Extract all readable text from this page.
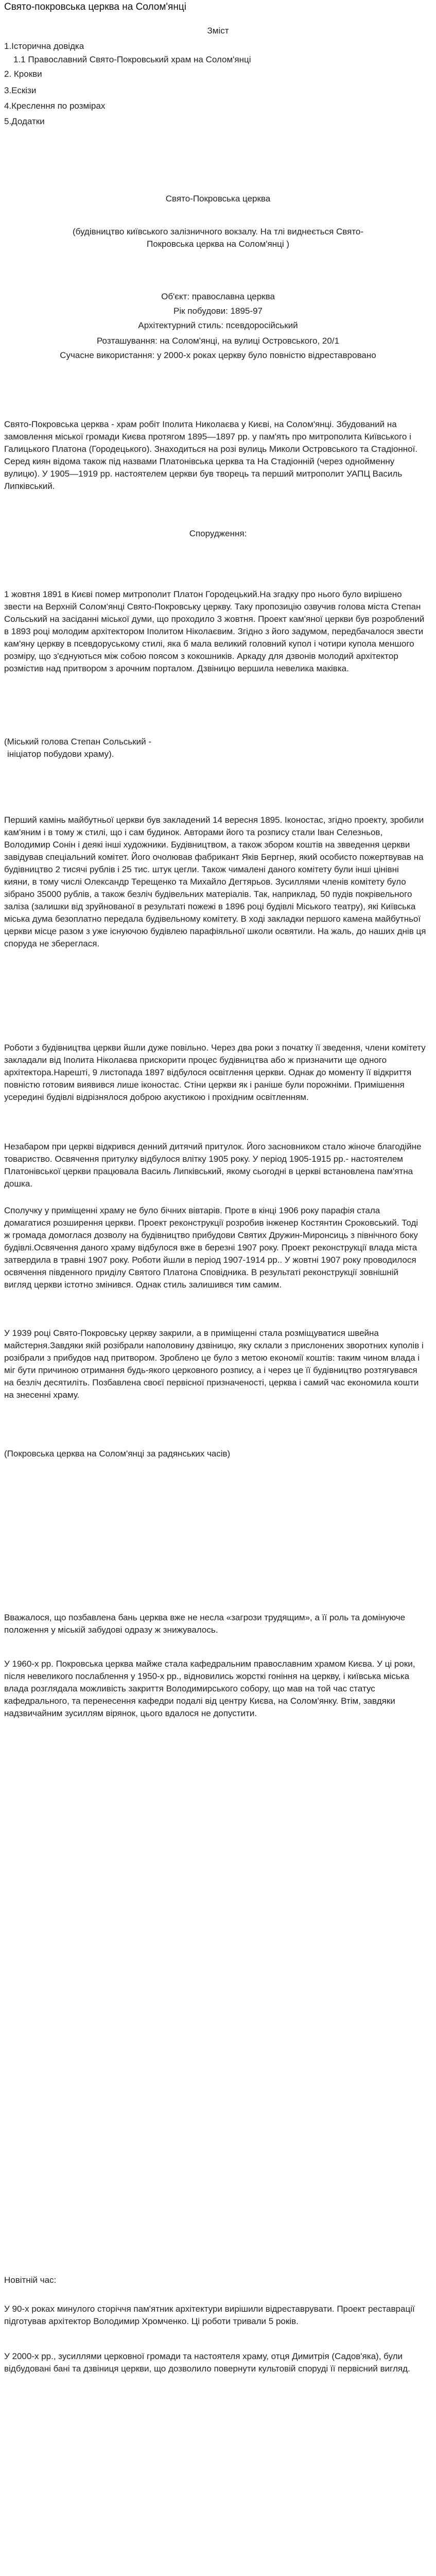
Свято-покровська церква на Солом'янці
Зміст
1.Історична довідка
1.1 Православний Свято-Покровський храм на Солом'янці
2. Крокви
3.Ескізи
4.Креслення по розмірах
5.Додатки
Свято-Покровська церква
(будівництво київського залізничного вокзалу. На тлі виднеється Свято-
Покровська церква на Солом'янці )
Об'єкт: православна церква
Рік побудови: 1895-97
Архітектурний стиль: псевдоросійський
Розташування: на Солом'янці, на вулиці Островського, 20/1
Сучасне використання: у 2000-х роках церкву було повністю відреставровано
Свято-Покровська церква - храм робіт Іполита Николаєва у Києві, на Солом'янці. Збудований на замовлення міської громади Києва протягом 1895—1897 рр. у пам'ять про митрополита Київського і Галицького Платона (Городецького). Знаходиться на розі вулиць Миколи Островського та Стадіонної. Серед киян відома також під назвами Платонівська церква та На Стадіонній (через однойменну вулицю). У 1905—1919 рр. настоятелем церкви був творець та перший митрополит УАПЦ Василь Липківський.
Спорудження:
1 жовтня 1891 в Києві помер митрополит Платон Городецький.На згадку про нього було вирішено звести на Верхній Солом'янці Свято-Покровську церкву. Таку пропозицію озвучив голова міста Степан Сольський на засіданні міської думи, що проходило 3 жовтня. Проект кам'яної церкви був розроблений в 1893 році молодим архітектором Іполитом Ніколаєвим. Згідно з його задумом, передбачалося звести кам'яну церкву в псевдоруському стилі, яка б мала великий головний купол і чотири купола меншого розміру, що з'єднуються між собою поясом з кокошників. Аркаду для дзвонів молодий архітектор розмістив над притвором з арочним порталом. Дзвіницю вершила невелика маківка.
(Міський голова Степан Сольський -
ініціатор побудови храму).
Перший камінь майбутньої церкви був закладений 14 вересня 1895. Іконостас, згідно проекту, зробили кам'яним і в тому ж стилі, що і сам будинок. Авторами його та розпису стали Іван Селезньов, Володимир Сонін і деякі інші художники. Будівництвом, а також збором коштів на звведення церкви завідував спеціальний комітет. Його очолював фабрикант Яків Бергнер, який особисто пожертвував на будівництво 2 тисячі рублів і 25 тис. штук цегли. Також чималені даного комітету були інші цінівні кияни, в тому числі Олександр Терещенко та Михайло Дегтярьов. Зусиллями членів комітету було зібрано 35000 рублів, а також безліч будівельних матеріалів. Так, наприклад, 50 пудів покрівельного заліза (залишки від зруйнованої в результаті пожежі в 1896 році будівлі Міського театру), які Київська міська дума безоплатно передала будівельному комітету. В ході закладки першого камена майбутньої церкви місце разом з уже існуючою будівлею парафіяльної школи освятили. На жаль, до наших днів ця споруда не збереглася.
Роботи з будівництва церкви йшли дуже повільно. Через два роки з початку її зведення, члени комітету закладали від Іполита Ніколаєва прискорити процес будівництва або ж призначити ще одного архітектора.Нарешті, 9 листопада 1897 відбулося освітлення церкви. Однак до моменту її відкриття повністю готовим виявився лише іконостас. Стіни церкви як і раніше були порожніми. Примішення усередині будівлі відрізнялося доброю акустикою і прохідним освітленням.
Незабаром при церкві відкрився денний дитячий притулок. Його засновником стало жіноче благодійне товариство. Освячення притулку відбулося влітку 1905 року. У період 1905-1915 рр.- настоятелем Платонівської церкви працювала Василь Липківський, якому сьогодні в церкві встановлена пам'ятна дошка.
Сполучку у приміщенні храму не було бічних вівтарів. Проте в кінці 1906 року парафія стала домагатися розширення церкви. Проект реконструкції розробив інженер Костянтин Сроковський. Тоді ж громада домоглася дозволу на будівництво прибудови Святих Дружин-Миронсиць з північного боку будівлі.Освячення даного храму відбулося вже в березні 1907 року. Проект реконструкції влада міста затвердила в травні 1907 року. Роботи йшли в період 1907-1914 рр.. У жовтні 1907 року проводилося освячення південного приділу Святого Платона Сповідника. В результаті реконструкції зовнішній вигляд церкви істотно змінився. Однак стиль залишився тим самим.
У 1939 році Свято-Покровську церкву закрили, а в приміщенні стала розміщуватися швейна майстерня.Завдяки якій розібрали наполовину дзвіницю, яку склали з прислонених зворотних куполів і розібрали з прибудов над притвором. Зроблено це було з метою економії коштів: таким чином влада і міг бути причиною отримання будь-якого церковного розпису, а і через це її будівництво розтягувався на безліч десятиліть. Позбавлена своєї первісної призначеності, церква і самий час економила кошти на знесенні храму.
(Покровська церква на Солом'янці за радянських часів)
Вважалося, що позбавлена бань церква вже не несла «загрози трудящим», а її роль та домінуюче положення у міській забудові одразу ж знижувалось.
У 1960-х рр. Покровська церква майже стала кафедральним православним храмом Києва. У ці роки, після невеликого послаблення у 1950-х рр., відновились жорсткі гоніння на церкву, і київська міська влада розглядала можливість закриття Володимирського собору, що мав на той час статус кафедрального, та перенесення кафедри подалі від центру Києва, на Солом'янку. Втім, завдяки надзвичайним зусиллям вірянок, цього вдалося не допустити.
Новітній час:
У 90-х роках минулого сторіччя пам'ятник архітектури вирішили відреставрувати. Проект реставрації підготував архітектор Володимир Хромченко. Ці роботи тривали 5 років.
У 2000-х рр., зусиллями церковної громади та настоятеля храму, отця Димитрія (Садов'яка), були відбудовані бані та дзвіниця церкви, що дозволило повернути культовій споруді її первісний вигляд.
